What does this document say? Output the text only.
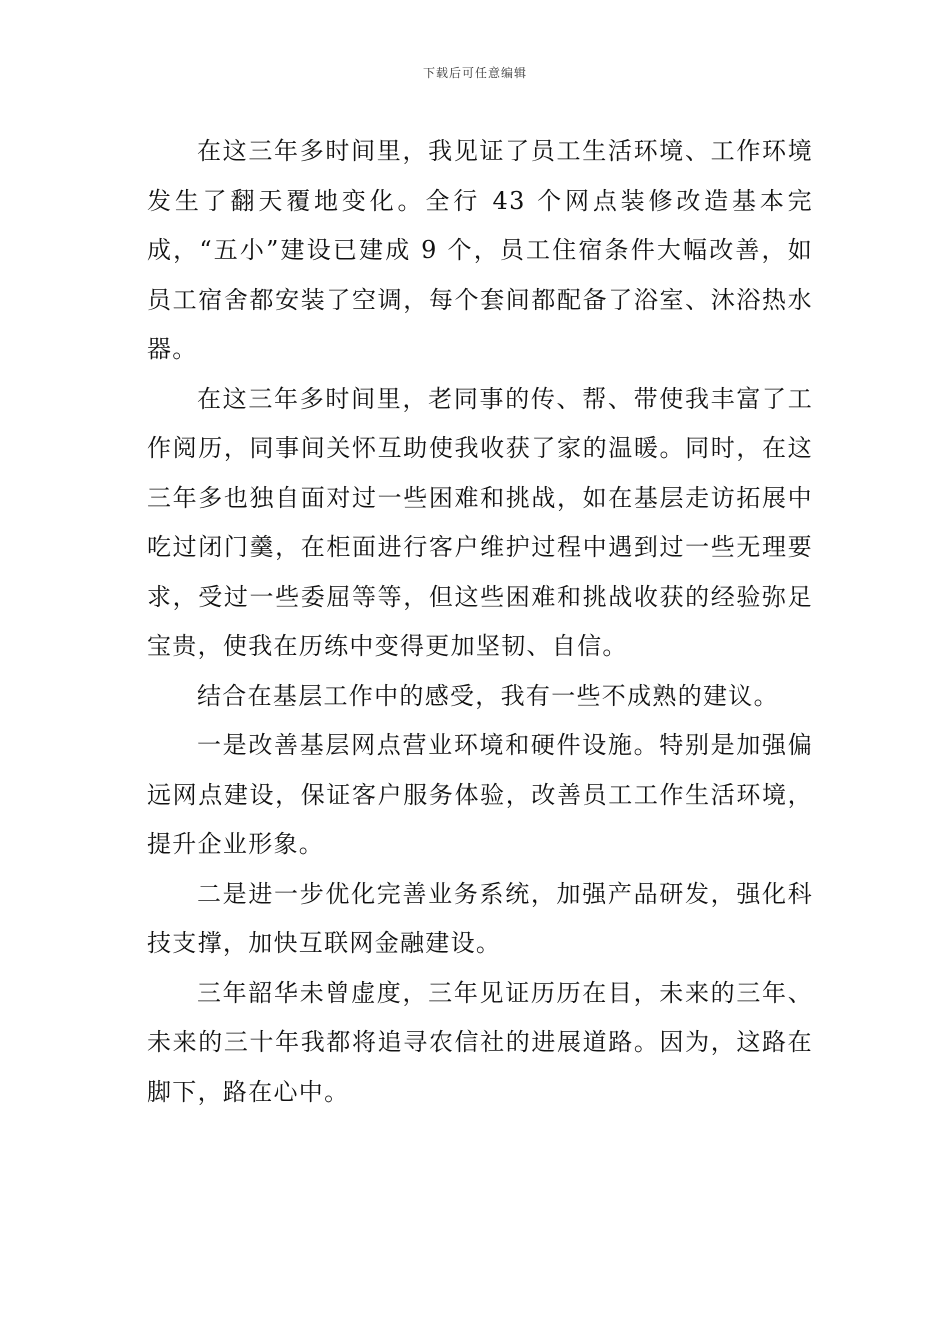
下载后可任意编辑

在这三年多时间里，我见证了员工生活环境、工作环境发生了翻天覆地变化。全行 43 个网点装修改造基本完成，“五小”建设已建成 9 个，员工住宿条件大幅改善，如员工宿舍都安装了空调，每个套间都配备了浴室、沐浴热水器。

在这三年多时间里，老同事的传、帮、带使我丰富了工作阅历，同事间关怀互助使我收获了家的温暖。同时，在这三年多也独自面对过一些困难和挑战，如在基层走访拓展中吃过闭门羹，在柜面进行客户维护过程中遇到过一些无理要求，受过一些委屈等等，但这些困难和挑战收获的经验弥足宝贵，使我在历练中变得更加坚韧、自信。

结合在基层工作中的感受，我有一些不成熟的建议。

一是改善基层网点营业环境和硬件设施。特别是加强偏远网点建设，保证客户服务体验，改善员工工作生活环境，提升企业形象。

二是进一步优化完善业务系统，加强产品研发，强化科技支撑，加快互联网金融建设。

三年韶华未曾虚度，三年见证历历在目，未来的三年、未来的三十年我都将追寻农信社的进展道路。因为，这路在脚下，路在心中。
